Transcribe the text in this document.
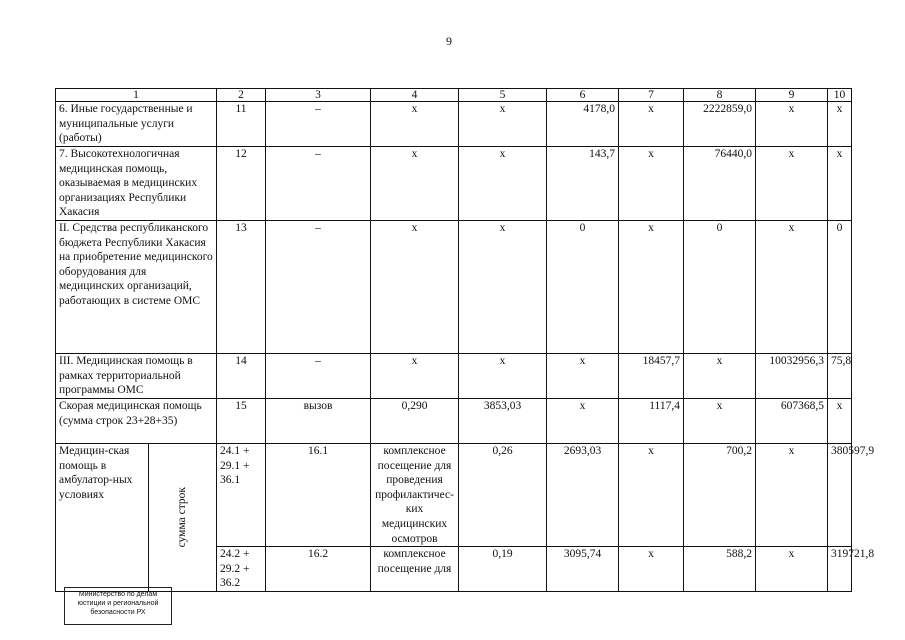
9
1		2	3	4	5	6	7	8	9	10	
6. Иные государственные и муниципальные услуги (работы)		11	–	х	х	4178,0	х	2222859,0	х	х	
7. Высокотехнологичная медицинская помощь, оказываемая в медицинских организациях Республики Хакасия		12	–	х	х	143,7	х	76440,0	х	х	
II. Средства республиканского бюджета Республики Хакасия на приобретение медицинского оборудования для медицинских организаций, работающих в системе ОМС		13	–	х	х	0	х	0	х	0	
III. Медицинская помощь в рамках территориальной программы ОМС		14	–	х	х	х	18457,7	х	10032956,3	75,8	
Скорая медицинская помощь (сумма строк 23+28+35)		15	вызов	0,290	3853,03	х	1117,4	х	607368,5	х	
Медицин-ская помощь в амбулатор-ных условиях	сумма строк	24.1 + 29.1 + 36.1	16.1	комплексное посещение для проведения профилактичес-ких медицинских осмотров	0,26	2693,03	х	700,2	х	380597,9	
		24.2 + 29.2 + 36.2	16.2	комплексное посещение для	0,19	3095,74	х	588,2	х	319721,8	
Министерство по делам юстиции и региональной безопасности РХ
